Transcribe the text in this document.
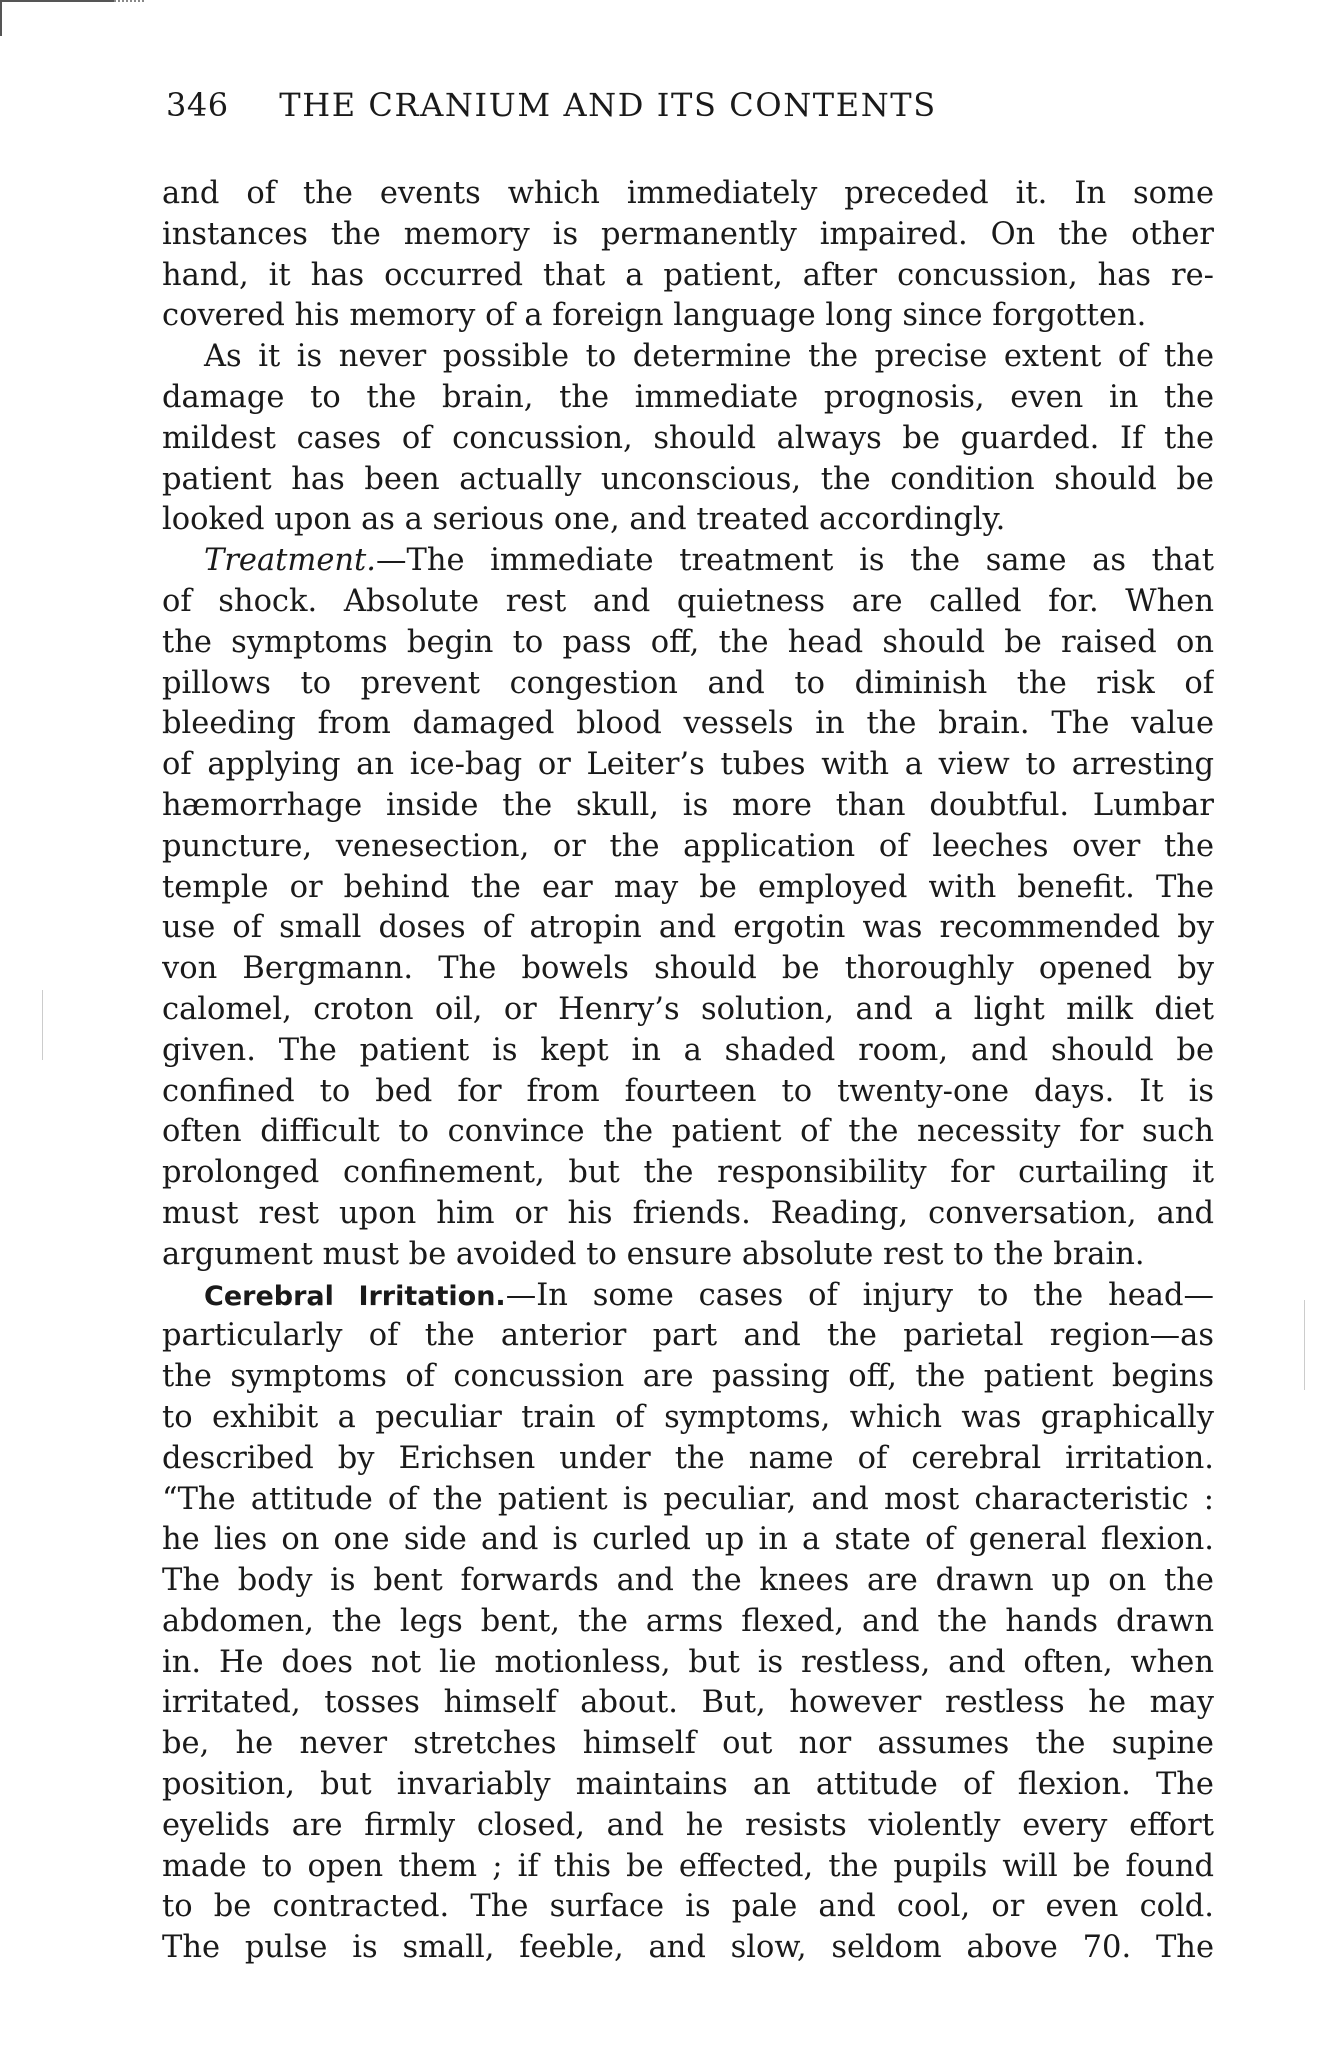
346 THE CRANIUM AND ITS CONTENTS
and of the events which immediately preceded it. In some
instances the memory is permanently impaired. On the other
hand, it has occurred that a patient, after concussion, has re-
covered his memory of a foreign language long since forgotten.
As it is never possible to determine the precise extent of the
damage to the brain, the immediate prognosis, even in the
mildest cases of concussion, should always be guarded. If the
patient has been actually unconscious, the condition should be
looked upon as a serious one, and treated accordingly.
Treatment.—The immediate treatment is the same as that
of shock. Absolute rest and quietness are called for. When
the symptoms begin to pass off, the head should be raised on
pillows to prevent congestion and to diminish the risk of
bleeding from damaged blood vessels in the brain. The value
of applying an ice-bag or Leiter’s tubes with a view to arresting
hæmorrhage inside the skull, is more than doubtful. Lumbar
puncture, venesection, or the application of leeches over the
temple or behind the ear may be employed with benefit. The
use of small doses of atropin and ergotin was recommended by
von Bergmann. The bowels should be thoroughly opened by
calomel, croton oil, or Henry’s solution, and a light milk diet
given. The patient is kept in a shaded room, and should be
confined to bed for from fourteen to twenty-one days. It is
often difficult to convince the patient of the necessity for such
prolonged confinement, but the responsibility for curtailing it
must rest upon him or his friends. Reading, conversation, and
argument must be avoided to ensure absolute rest to the brain.
Cerebral Irritation.—In some cases of injury to the head—
particularly of the anterior part and the parietal region—as
the symptoms of concussion are passing off, the patient begins
to exhibit a peculiar train of symptoms, which was graphically
described by Erichsen under the name of cerebral irritation.
“The attitude of the patient is peculiar, and most characteristic :
he lies on one side and is curled up in a state of general flexion.
The body is bent forwards and the knees are drawn up on the
abdomen, the legs bent, the arms flexed, and the hands drawn
in. He does not lie motionless, but is restless, and often, when
irritated, tosses himself about. But, however restless he may
be, he never stretches himself out nor assumes the supine
position, but invariably maintains an attitude of flexion. The
eyelids are firmly closed, and he resists violently every effort
made to open them ; if this be effected, the pupils will be found
to be contracted. The surface is pale and cool, or even cold.
The pulse is small, feeble, and slow, seldom above 70. The
